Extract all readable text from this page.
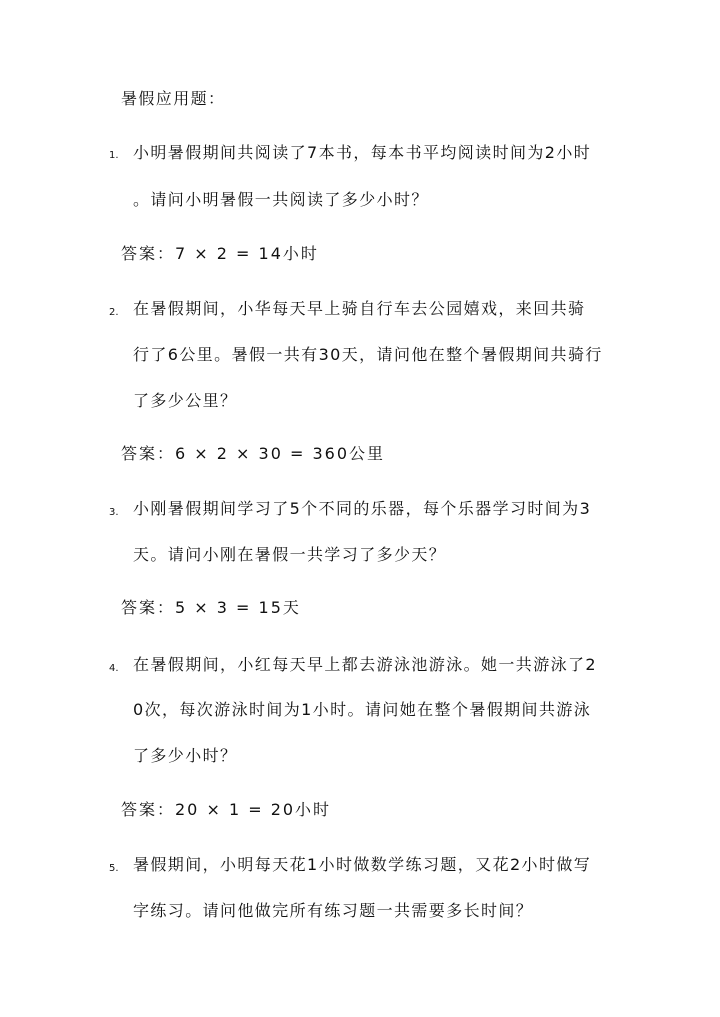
暑假应用题：
1. 小明暑假期间共阅读了7本书，每本书平均阅读时间为2小时
。请问小明暑假一共阅读了多少小时？
答案：7 × 2 = 14小时
2. 在暑假期间，小华每天早上骑自行车去公园嬉戏，来回共骑
行了6公里。暑假一共有30天，请问他在整个暑假期间共骑行
了多少公里？
答案：6 × 2 × 30 = 360公里
3. 小刚暑假期间学习了5个不同的乐器，每个乐器学习时间为3
天。请问小刚在暑假一共学习了多少天？
答案：5 × 3 = 15天
4. 在暑假期间，小红每天早上都去游泳池游泳。她一共游泳了2
0次，每次游泳时间为1小时。请问她在整个暑假期间共游泳
了多少小时？
答案：20 × 1 = 20小时
5. 暑假期间，小明每天花1小时做数学练习题，又花2小时做写
字练习。请问他做完所有练习题一共需要多长时间？
